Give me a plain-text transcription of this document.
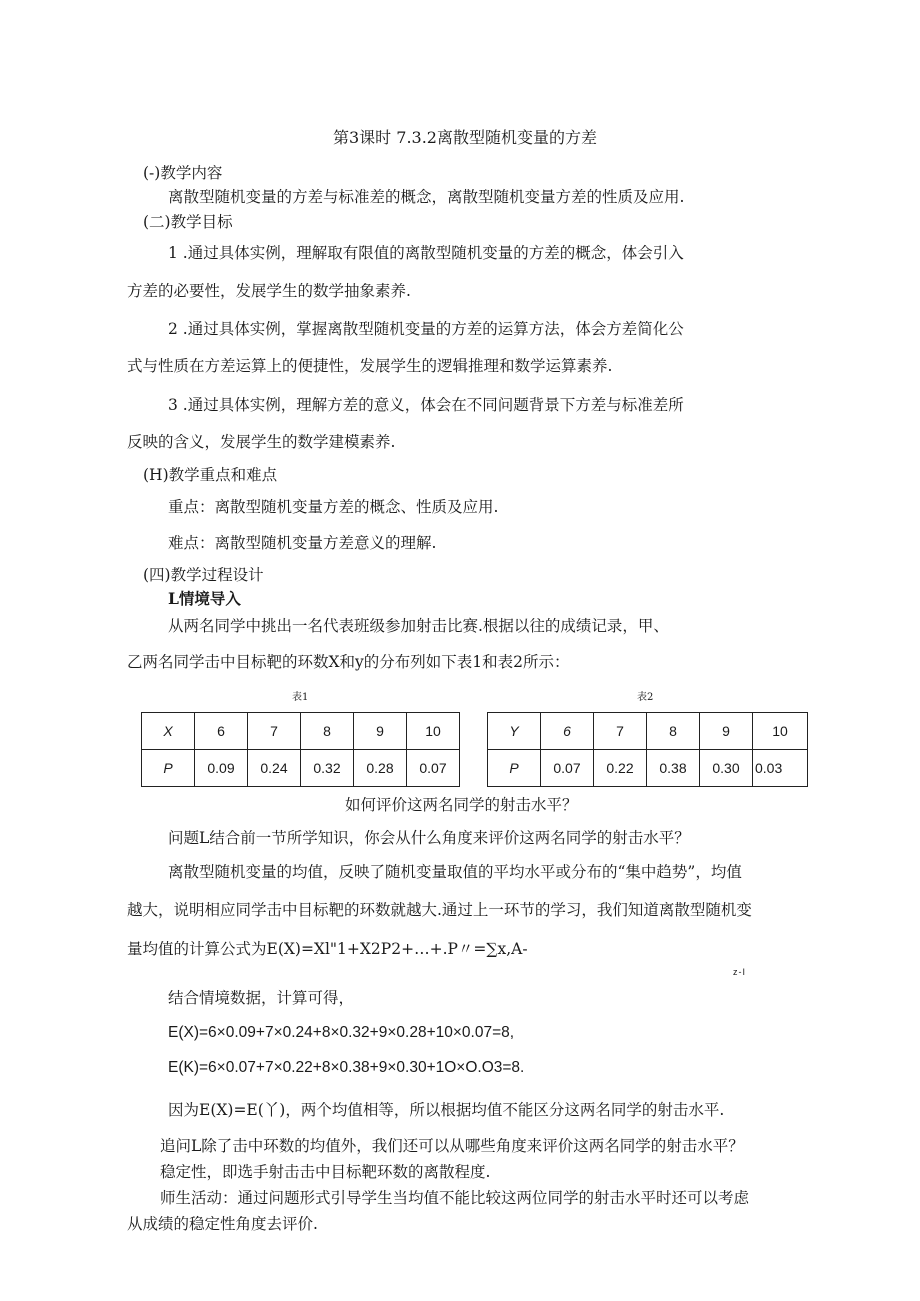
第3课时 7.3.2离散型随机变量的方差
(-)教学内容
离散型随机变量的方差与标准差的概念，离散型随机变量方差的性质及应用.
(二)教学目标
1 .通过具体实例，理解取有限值的离散型随机变量的方差的概念，体会引入
方差的必要性，发展学生的数学抽象素养.
2 .通过具体实例，掌握离散型随机变量的方差的运算方法，体会方差简化公
式与性质在方差运算上的便捷性，发展学生的逻辑推理和数学运算素养.
3 .通过具体实例，理解方差的意义，体会在不同问题背景下方差与标准差所
反映的含义，发展学生的数学建模素养.
(H)教学重点和难点
重点：离散型随机变量方差的概念、性质及应用.
难点：离散型随机变量方差意义的理解.
(四)教学过程设计
L情境导入
从两名同学中挑出一名代表班级参加射击比赛.根据以往的成绩记录，甲、
乙两名同学击中目标靶的环数X和y的分布列如下表1和表2所示：
表1
X	6	7	8	9	10
P	0.09	0.24	0.32	0.28	0.07
表2
Y	6	7	8	9	10
P	0.07	0.22	0.38	0.30	0.03
如何评价这两名同学的射击水平？
问题L结合前一节所学知识，你会从什么角度来评价这两名同学的射击水平？
离散型随机变量的均值，反映了随机变量取值的平均水平或分布的“集中趋势”，均值
越大，说明相应同学击中目标靶的环数就越大.通过上一环节的学习，我们知道离散型随机变
量均值的计算公式为E(X)=Xl"1+X2P2+…+.P〃=∑x,A-
z-I
结合情境数据，计算可得，
E(X)=6×0.09+7×0.24+8×0.32+9×0.28+10×0.07=8,
E(K)=6×0.07+7×0.22+8×0.38+9×0.30+1O×O.O3=8.
因为E(X)=E(丫)，两个均值相等，所以根据均值不能区分这两名同学的射击水平.
追问L除了击中环数的均值外，我们还可以从哪些角度来评价这两名同学的射击水平？
稳定性，即选手射击击中目标靶环数的离散程度.
师生活动：通过问题形式引导学生当均值不能比较这两位同学的射击水平时还可以考虑
从成绩的稳定性角度去评价.
